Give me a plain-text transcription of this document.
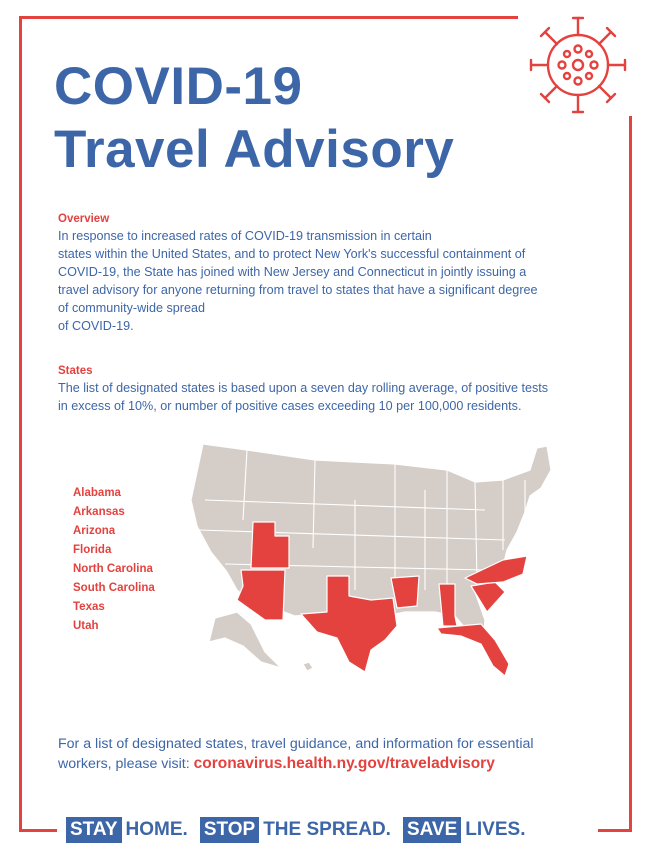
COVID-19
Travel Advisory
Overview
In response to increased rates of COVID-19 transmission in certain
states within the United States, and to protect New York's successful containment of
COVID-19, the State has joined with New Jersey and Connecticut in jointly issuing a
travel advisory for anyone returning from travel to states that have a significant degree
of community-wide spread
of COVID-19.
States
The list of designated states is based upon a seven day rolling average, of positive tests
in excess of 10%, or number of positive cases exceeding 10 per 100,000 residents.
Alabama
Arkansas
Arizona
Florida
North Carolina
South Carolina
Texas
Utah
For a list of designated states, travel guidance, and information for essential
workers, please visit: coronavirus.health.ny.gov/traveladvisory
STAY HOME. STOP THE SPREAD. SAVE LIVES.
